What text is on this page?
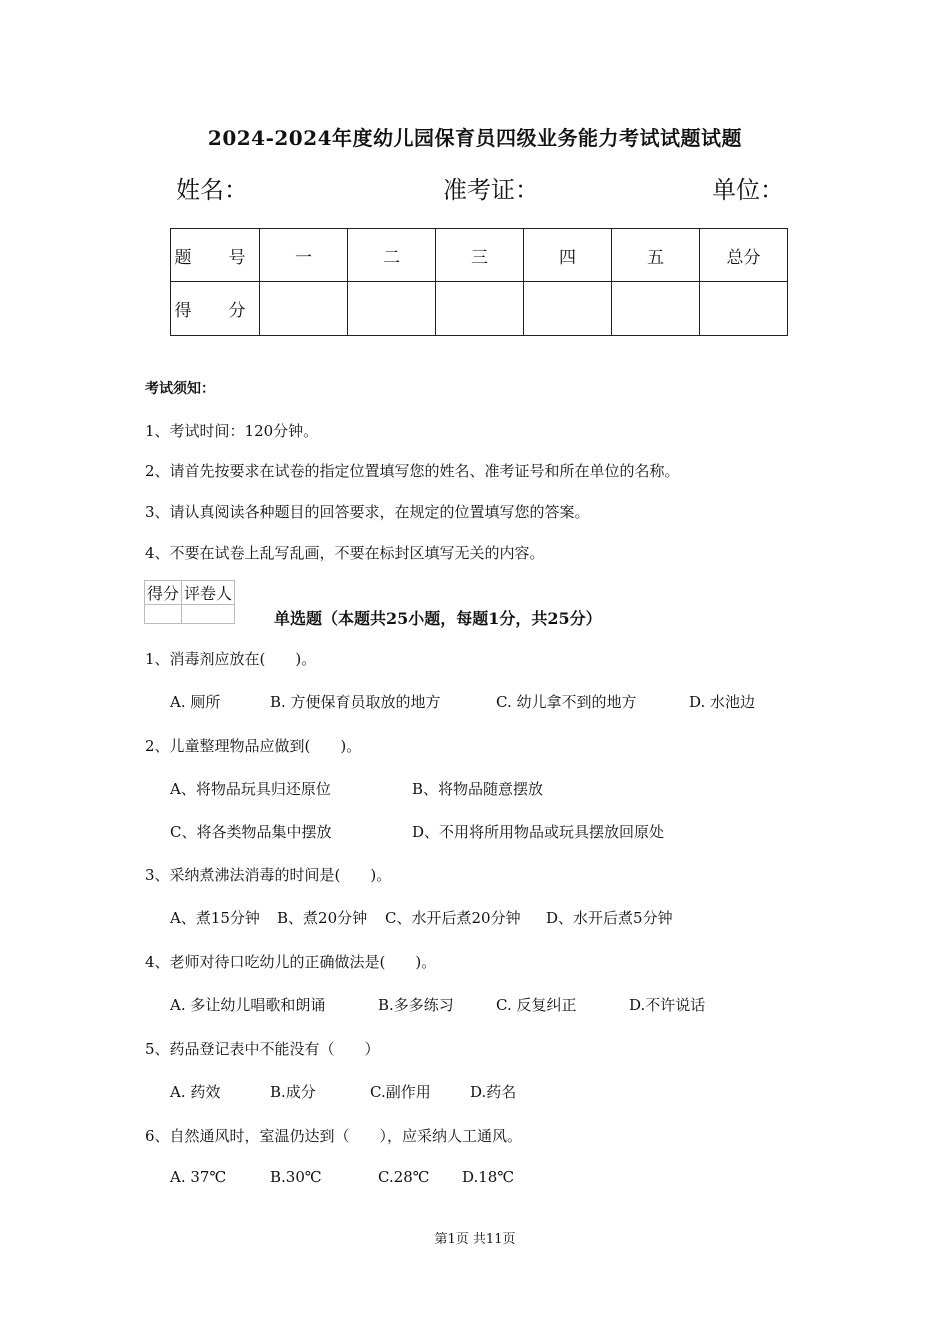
2024-2024年度幼儿园保育员四级业务能力考试试题试题
姓名：	准考证：	单位：
题　号	一	二	三	四	五	总分
得　分						
考试须知：
1、考试时间：120分钟。
2、请首先按要求在试卷的指定位置填写您的姓名、准考证号和所在单位的名称。
3、请认真阅读各种题目的回答要求，在规定的位置填写您的答案。
4、不要在试卷上乱写乱画，不要在标封区填写无关的内容。
得分	评卷人

单选题（本题共25小题，每题1分，共25分）
1、消毒剂应放在(　　)。
A. 厕所	B. 方便保育员取放的地方	C. 幼儿拿不到的地方	D. 水池边
2、儿童整理物品应做到(　　)。
A、将物品玩具归还原位	B、将物品随意摆放
C、将各类物品集中摆放	D、不用将所用物品或玩具摆放回原处
3、采纳煮沸法消毒的时间是(　　)。
A、煮15分钟 B、煮20分钟 C、水开后煮20分钟 D、水开后煮5分钟
4、老师对待口吃幼儿的正确做法是(　　)。
A. 多让幼儿唱歌和朗诵	B.多多练习	C. 反复纠正	D.不许说话
5、药品登记表中不能没有（　　）
A. 药效	B.成分	C.副作用	D.药名
6、自然通风时，室温仍达到（　　），应采纳人工通风。
A. 37℃	B.30℃	C.28℃ D.18℃
第1页 共11页
